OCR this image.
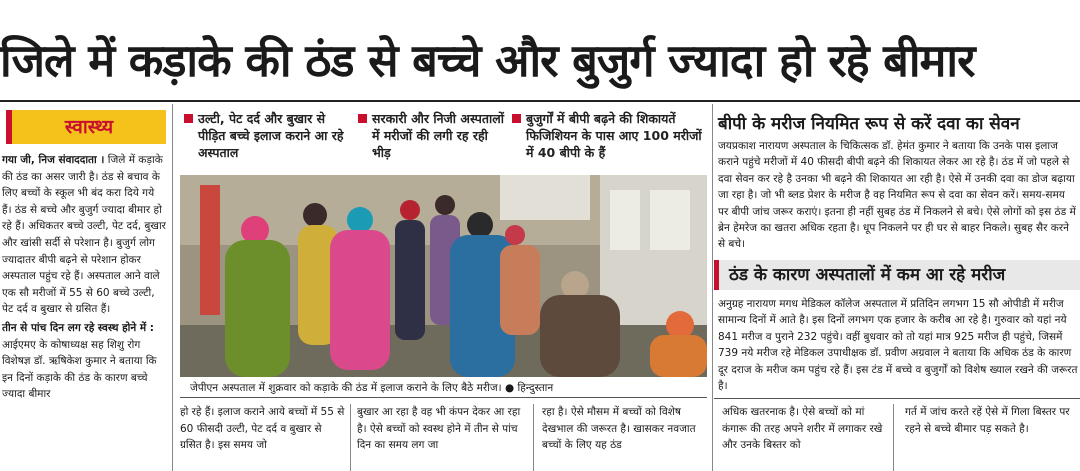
जिले में कड़ाके की ठंड से बच्चे और बुजुर्ग ज्यादा हो रहे बीमार
स्वास्थ्य

गया जी, निज संवाददाता । जिले में कड़ाके की ठंड का असर जारी है। ठंड से बचाव के लिए बच्चों के स्कूल भी बंद करा दिये गये हैं। ठंड से बच्चे और बुजुर्ग ज्यादा बीमार हो रहे हैं। अधिकतर बच्चे उल्टी, पेट दर्द, बुखार और खांसी सर्दी से परेशान है। बुजुर्ग लोग ज्यादातर बीपी बढ़ने से परेशान होकर अस्पताल पहुंच रहे हैं। अस्पताल आने वाले एक सौ मरीजों में 55 से 60 बच्चे उल्टी, पेट दर्द व बुखार से ग्रसित हैं।

तीन से पांच दिन लग रहे स्वस्थ होने में : आईएमए के कोषाध्यक्ष सह शिशु रोग विशेषज्ञ डॉ. ऋषिकेश कुमार ने बताया कि इन दिनों कड़ाके की ठंड के कारण बच्चे ज्यादा बीमार

उल्टी, पेट दर्द और बुखार से पीड़ित बच्चे इलाज कराने आ रहे अस्पताल
सरकारी और निजी अस्पतालों में मरीजों की लगी रह रही भीड़
बुजुर्गों में बीपी बढ़ने की शिकायतें फिजिशियन के पास आए 100 मरीजों में 40 बीपी के हैं
जेपीएन अस्पताल में शुक्रवार को कड़ाके की ठंड में इलाज कराने के लिए बैठे मरीज। ● हिन्दुस्तान
हो रहे हैं। इलाज कराने आये बच्चों में 55 से 60 फीसदी उल्टी, पेट दर्द व बुखार से ग्रसित है। इस समय जो
बुखार आ रहा है वह भी कंपन देकर आ रहा है। ऐसे बच्चों को स्वस्थ होने में तीन से पांच दिन का समय लग जा
रहा है। ऐसे मौसम में बच्चों को विशेष देखभाल की जरूरत है। खासकर नवजात बच्चों के लिए यह ठंड
अधिक खतरनाक है। ऐसे बच्चों को मां कंगारू की तरह अपने शरीर में लगाकर रखे और उनके बिस्तर को
गर्त में जांच करते रहें ऐसे में गिला बिस्तर पर रहने से बच्चे बीमार पड़ सकते है।
बीपी के मरीज नियमित रूप से करें दवा का सेवन
जयप्रकाश नारायण अस्पताल के चिकित्सक डॉ. हेमंत कुमार ने बताया कि उनके पास इलाज कराने पहुंचे मरीजों में 40 फीसदी बीपी बढ़ने की शिकायत लेकर आ रहे है। ठंड में जो पहले से दवा सेवन कर रहे है उनका भी बढ़ने की शिकायत आ रही है। ऐसे में उनकी दवा का डोज बढ़ाया जा रहा है। जो भी ब्लड प्रेशर के मरीज है वह नियमित रूप से दवा का सेवन करें। समय-समय पर बीपी जांच जरूर कराएं। इतना ही नहीं सुबह ठंड में निकलने से बचे। ऐसे लोगों को इस ठंड में ब्रेन हेमरेज का खतरा अधिक रहता है। धूप निकलने पर ही घर से बाहर निकले। सुबह सैर करने से बचे।
ठंड के कारण अस्पतालों में कम आ रहे मरीज
अनुग्रह नारायण मगध मेडिकल कॉलेज अस्पताल में प्रतिदिन लगभग 15 सौ ओपीडी में मरीज सामान्य दिनों में आते है। इस दिनों लगभग एक हजार के करीब आ रहे है। गुरुवार को यहां नये 841 मरीज व पुराने 232 पहुंचे। वहीं बुधवार को तो यहां मात्र 925 मरीज ही पहुंचे, जिसमें 739 नये मरीज रहे मेडिकल उपाधीक्षक डॉ. प्रवीण अग्रवाल ने बताया कि अधिक ठंड के कारण दूर दराज के मरीज कम पहुंच रहे हैं। इस टंड में बच्चे व बुजुर्गों को विशेष ख्याल रखने की जरूरत है।
